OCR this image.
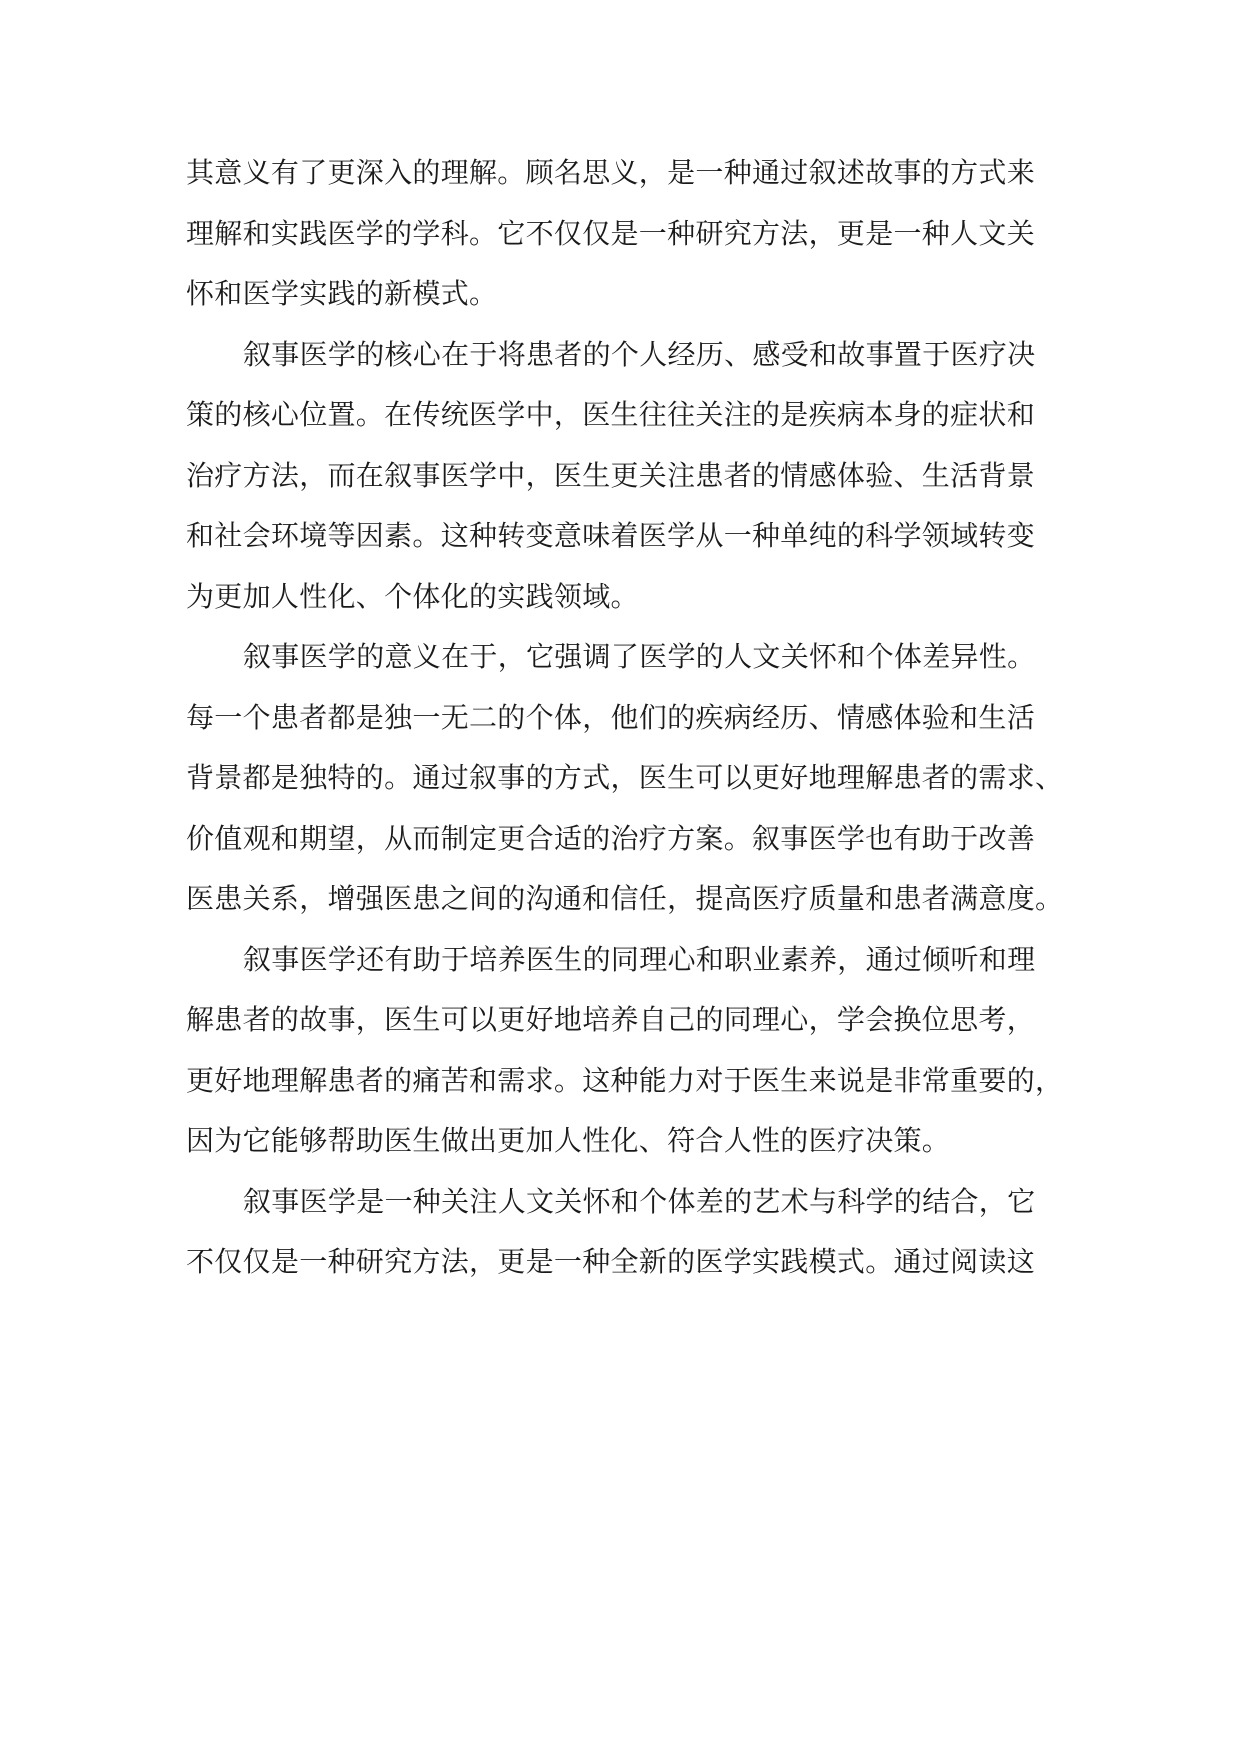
其意义有了更深入的理解。顾名思义，是一种通过叙述故事的方式来
理解和实践医学的学科。它不仅仅是一种研究方法，更是一种人文关
怀和医学实践的新模式。
叙事医学的核心在于将患者的个人经历、感受和故事置于医疗决
策的核心位置。在传统医学中，医生往往关注的是疾病本身的症状和
治疗方法，而在叙事医学中，医生更关注患者的情感体验、生活背景
和社会环境等因素。这种转变意味着医学从一种单纯的科学领域转变
为更加人性化、个体化的实践领域。
叙事医学的意义在于，它强调了医学的人文关怀和个体差异性。
每一个患者都是独一无二的个体，他们的疾病经历、情感体验和生活
背景都是独特的。通过叙事的方式，医生可以更好地理解患者的需求、
价值观和期望，从而制定更合适的治疗方案。叙事医学也有助于改善
医患关系，增强医患之间的沟通和信任，提高医疗质量和患者满意度。
叙事医学还有助于培养医生的同理心和职业素养，通过倾听和理
解患者的故事，医生可以更好地培养自己的同理心，学会换位思考，
更好地理解患者的痛苦和需求。这种能力对于医生来说是非常重要的，
因为它能够帮助医生做出更加人性化、符合人性的医疗决策。
叙事医学是一种关注人文关怀和个体差的艺术与科学的结合，它
不仅仅是一种研究方法，更是一种全新的医学实践模式。通过阅读这
